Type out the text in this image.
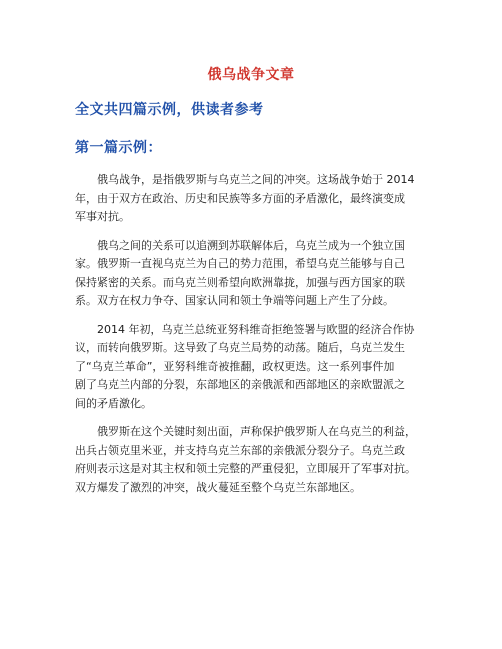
俄乌战争文章
全文共四篇示例，供读者参考
第一篇示例：
俄乌战争，是指俄罗斯与乌克兰之间的冲突。这场战争始于 2014
年，由于双方在政治、历史和民族等多方面的矛盾激化，最终演变成
军事对抗。
俄乌之间的关系可以追溯到苏联解体后，乌克兰成为一个独立国
家。俄罗斯一直视乌克兰为自己的势力范围，希望乌克兰能够与自己
保持紧密的关系。而乌克兰则希望向欧洲靠拢，加强与西方国家的联
系。双方在权力争夺、国家认同和领土争端等问题上产生了分歧。
2014 年初，乌克兰总统亚努科维奇拒绝签署与欧盟的经济合作协
议，而转向俄罗斯。这导致了乌克兰局势的动荡。随后，乌克兰发生
了“乌克兰革命”，亚努科维奇被推翻，政权更迭。这一系列事件加
剧了乌克兰内部的分裂，东部地区的亲俄派和西部地区的亲欧盟派之
间的矛盾激化。
俄罗斯在这个关键时刻出面，声称保护俄罗斯人在乌克兰的利益，
出兵占领克里米亚，并支持乌克兰东部的亲俄派分裂分子。乌克兰政
府则表示这是对其主权和领土完整的严重侵犯，立即展开了军事对抗。
双方爆发了激烈的冲突，战火蔓延至整个乌克兰东部地区。
